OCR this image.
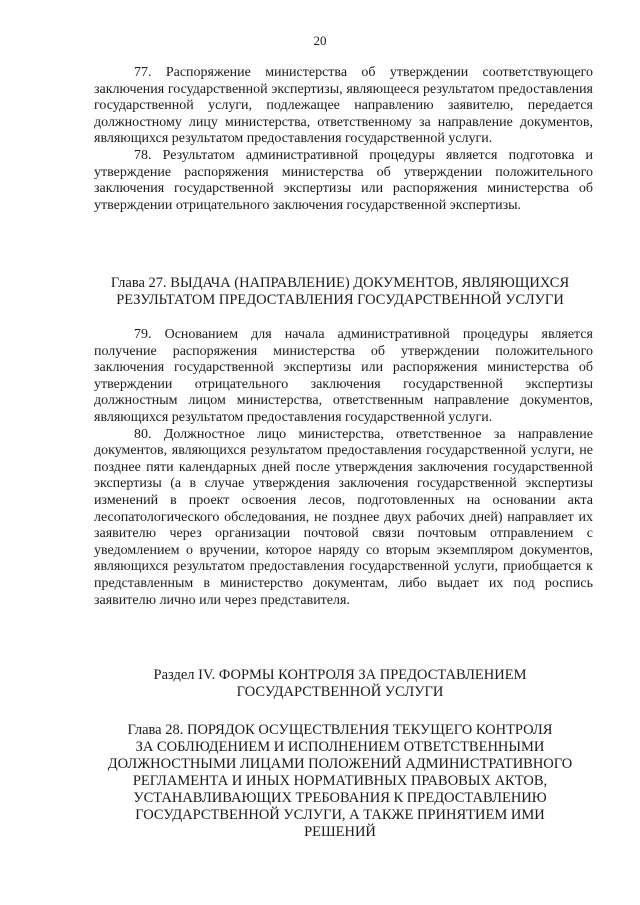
20

77. Распоряжение министерства об утверждении соответствующего заключения государственной экспертизы, являющееся результатом предоставления государственной услуги, подлежащее направлению заявителю, передается должностному лицу министерства, ответственному за направление документов, являющихся результатом предоставления государственной услуги.

78. Результатом административной процедуры является подготовка и утверждение распоряжения министерства об утверждении положительного заключения государственной экспертизы или распоряжения министерства об утверждении отрицательного заключения государственной экспертизы.

Глава 27. ВЫДАЧА (НАПРАВЛЕНИЕ) ДОКУМЕНТОВ, ЯВЛЯЮЩИХСЯ
РЕЗУЛЬТАТОМ ПРЕДОСТАВЛЕНИЯ ГОСУДАРСТВЕННОЙ УСЛУГИ

79. Основанием для начала административной процедуры является получение распоряжения министерства об утверждении положительного заключения государственной экспертизы или распоряжения министерства об утверждении отрицательного заключения государственной экспертизы должностным лицом министерства, ответственным направление документов, являющихся результатом предоставления государственной услуги.

80. Должностное лицо министерства, ответственное за направление документов, являющихся результатом предоставления государственной услуги, не позднее пяти календарных дней после утверждения заключения государственной экспертизы (а в случае утверждения заключения государственной экспертизы изменений в проект освоения лесов, подготовленных на основании акта лесопатологического обследования, не позднее двух рабочих дней) направляет их заявителю через организации почтовой связи почтовым отправлением с уведомлением о вручении, которое наряду со вторым экземпляром документов, являющихся результатом предоставления государственной услуги, приобщается к представленным в министерство документам, либо выдает их под роспись заявителю лично или через представителя.

Раздел IV. ФОРМЫ КОНТРОЛЯ ЗА ПРЕДОСТАВЛЕНИЕМ
ГОСУДАРСТВЕННОЙ УСЛУГИ
Глава 28. ПОРЯДОК ОСУЩЕСТВЛЕНИЯ ТЕКУЩЕГО КОНТРОЛЯ
ЗА СОБЛЮДЕНИЕМ И ИСПОЛНЕНИЕМ ОТВЕТСТВЕННЫМИ
ДОЛЖНОСТНЫМИ ЛИЦАМИ ПОЛОЖЕНИЙ АДМИНИСТРАТИВНОГО
РЕГЛАМЕНТА И ИНЫХ НОРМАТИВНЫХ ПРАВОВЫХ АКТОВ,
УСТАНАВЛИВАЮЩИХ ТРЕБОВАНИЯ К ПРЕДОСТАВЛЕНИЮ
ГОСУДАРСТВЕННОЙ УСЛУГИ, А ТАКЖЕ ПРИНЯТИЕМ ИМИ
РЕШЕНИЙ
